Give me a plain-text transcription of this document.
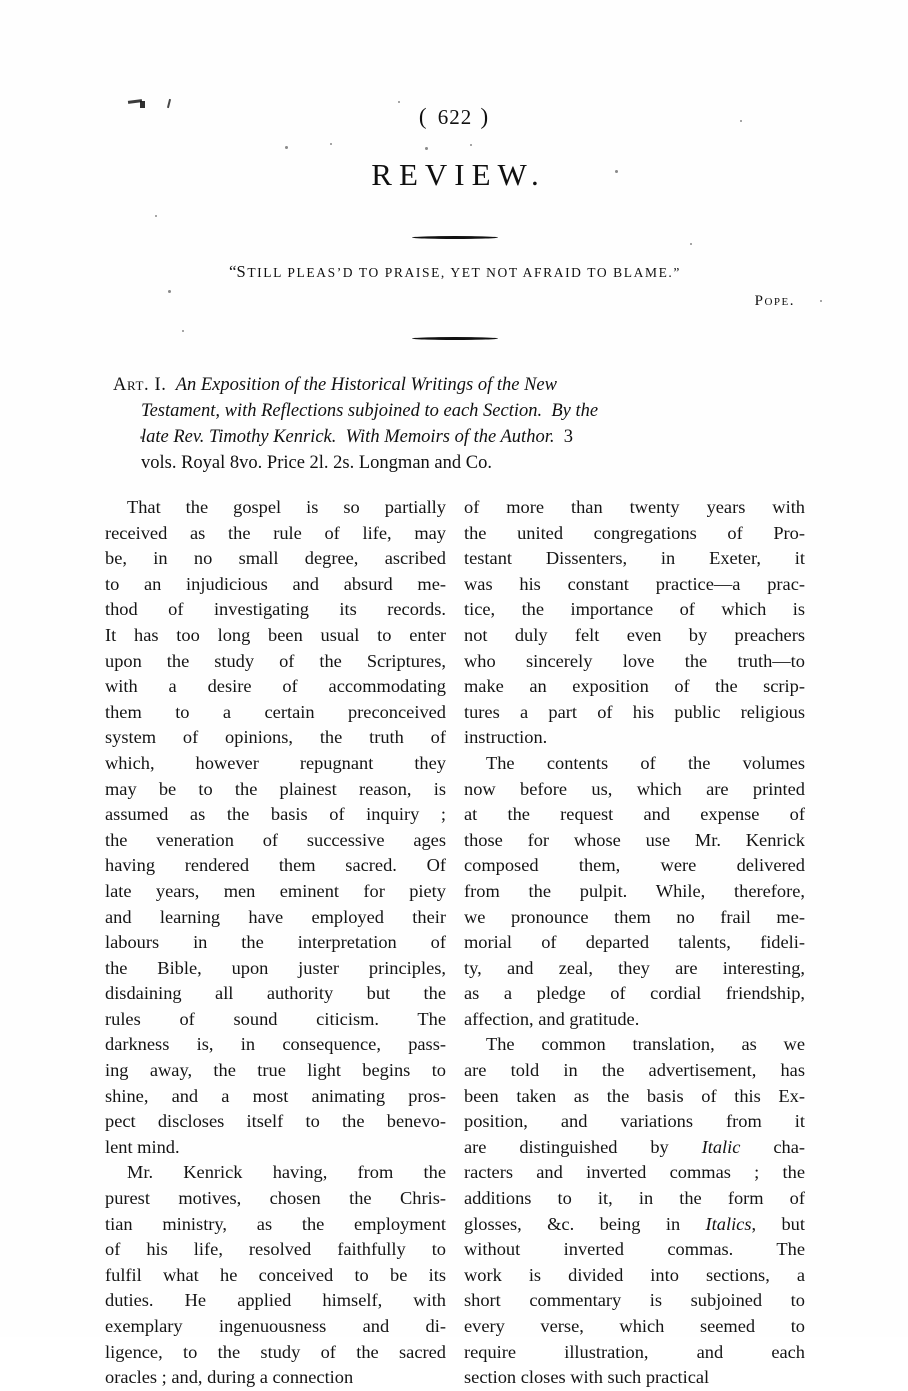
( 622 )
REVIEW.
“STILL PLEAS’D TO PRAISE, YET NOT AFRAID TO BLAME.”
Pope.
Art. I. An Exposition of the Historical Writings of the New
Testament, with Reflections subjoined to each Section. By the
late Rev. Timothy Kenrick. With Memoirs of the Author. 3
vols. Royal 8vo. Price 2l. 2s. Longman and Co.

That the gospel is so partially
received as the rule of life, may
be, in no small degree, ascribed
to an injudicious and absurd me-
thod of investigating its records.
It has too long been usual to enter
upon the study of the Scriptures,
with a desire of accommodating
them to a certain preconceived
system of opinions, the truth of
which, however repugnant they
may be to the plainest reason, is
assumed as the basis of inquiry ;
the veneration of successive ages
having rendered them sacred. Of
late years, men eminent for piety
and learning have employed their
labours in the interpretation of
the Bible, upon juster principles,
disdaining all authority but the
rules of sound citicism. The
darkness is, in consequence, pass-
ing away, the true light begins to
shine, and a most animating pros-
pect discloses itself to the benevo-
lent mind.

Mr. Kenrick having, from the
purest motives, chosen the Chris-
tian ministry, as the employment
of his life, resolved faithfully to
fulfil what he conceived to be its
duties. He applied himself, with
exemplary ingenuousness and di-
ligence, to the study of the sacred
oracles ; and, during a connection

of more than twenty years with
the united congregations of Pro-
testant Dissenters, in Exeter, it
was his constant practice—a prac-
tice, the importance of which is
not duly felt even by preachers
who sincerely love the truth—to
make an exposition of the scrip-
tures a part of his public religious
instruction.

The contents of the volumes
now before us, which are printed
at the request and expense of
those for whose use Mr. Kenrick
composed them, were delivered
from the pulpit. While, therefore,
we pronounce them no frail me-
morial of departed talents, fideli-
ty, and zeal, they are interesting,
as a pledge of cordial friendship,
affection, and gratitude.

The common translation, as we
are told in the advertisement, has
been taken as the basis of this Ex-
position, and variations from it
are distinguished by Italic cha-
racters and inverted commas ; the
additions to it, in the form of
glosses, &c. being in Italics, but
without inverted commas. The
work is divided into sections, a
short commentary is subjoined to
every verse, which seemed to
require illustration, and each
section closes with such practical
